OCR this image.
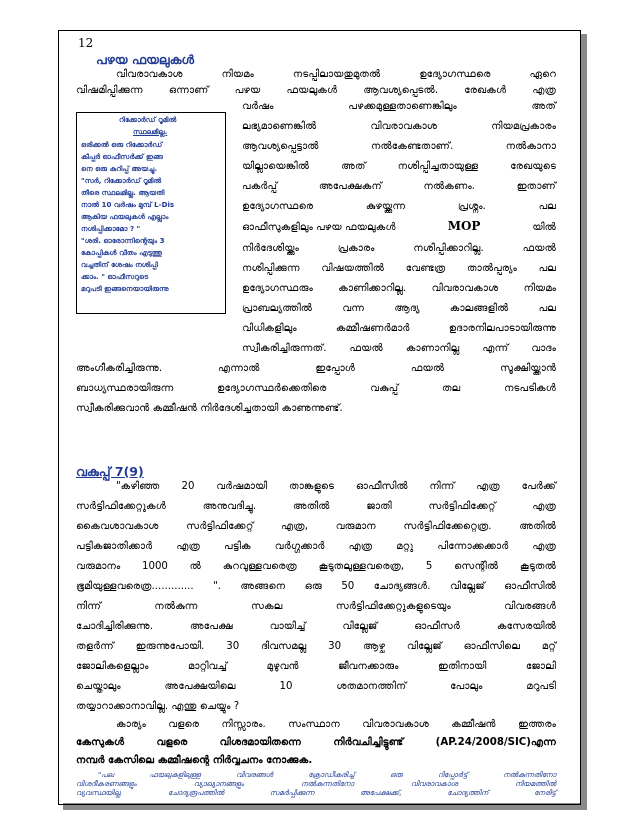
12
പഴയ ഫയലുകൾ
വിവരാവകാശ നിയമം നടപ്പിലായതുമുതൽ ഉദ്യോഗസ്ഥരെ ഏറെ
വിഷമിപ്പിക്കുന്ന ഒന്നാണ് പഴയ ഫയലുകൾ ആവശ്യപ്പെടൽ. രേഖകൾ എത്ര
റിക്കോർഡ് റൂമിൽ
സ്ഥലമില്ല.
ഒരിക്കൽ ഒരു റിക്കോർഡ്
കീപ്പർ ഓഫീസർക്ക് ഇങ്ങ
നെ ഒരു കുറിപ്പ് അയച്ചു.
"സർ, റിക്കോർഡ് റൂമിൽ
തീരെ സ്ഥലമില്ല. ആയതി
നാൽ 10 വർഷം മുമ്പ് L-Dis
ആകിയ ഫയലുകൾ എല്ലാം
നശിപ്പിക്കാമോ ? "
"ശരി. ഓരോന്നിന്റെയും 3
കോപ്പികൾ വീതം എടുത്തു
വച്ചതിന് ശേഷം നശിപ്പി
ക്കാം. " ഓഫീസറുടെ
മറുപടി ഇങ്ങനെയായിരുന്നു
വർഷം പഴക്കമുള്ളതാണെങ്കിലും അത്
ലഭ്യമാണെങ്കിൽ വിവരാവകാശ നിയമപ്രകാരം
ആവശ്യപ്പെട്ടാൽ നൽകേണ്ടതാണ്. നൽകാനാ
യില്ലായെങ്കിൽ അത് നശിപ്പിച്ചതായുള്ള രേഖയുടെ
പകർപ്പ് അപേക്ഷകന് നൽകണം. ഇതാണ്
ഉദ്യോഗസ്ഥരെ കുഴയ്ക്കുന്ന പ്രശ്നം. പല
ഓഫീസുകളിലും പഴയ ഫയലുകൾ	MOP	യിൽ
നിർദേശിയ്ക്കും പ്രകാരം നശിപ്പിക്കാറില്ല. ഫയൽ
നശിപ്പിക്കുന്ന വിഷയത്തിൽ വേണ്ടത്ര താൽപ്പര്യം പല
ഉദ്യോഗസ്ഥരും കാണിക്കാറില്ല. വിവരാവകാശ നിയമം
പ്രാബല്യത്തിൽ വന്ന ആദ്യ കാലങ്ങളിൽ പല
വിധികളിലും കമ്മീഷണർമാർ ഉദാരനിലപാടായിരുന്നു
സ്വീകരിച്ചിരുന്നത്. ഫയൽ കാണാനില്ല എന്ന് വാദം
അംഗീകരിച്ചിരുന്നു. എന്നാൽ ഇപ്പോൾ ഫയൽ സൂക്ഷിയ്ക്കാൻ
ബാധ്യസ്ഥരായിരുന്ന ഉദ്യോഗസ്ഥർക്കെതിരെ വകുപ്പ് തല നടപടികൾ
സ്വീകരിക്കുവാൻ കമ്മീഷൻ നിർദേശിച്ചതായി കാണുന്നുണ്ട്.
വകുപ്പ് 7(9)
"കഴിഞ്ഞ 20 വർഷമായി താങ്കളുടെ ഓഫീസിൽ നിന്ന് എത്ര പേർക്ക്
സർട്ടിഫിക്കേറ്റുകൾ അനുവദിച്ചു. അതിൽ ജാതി സർട്ടിഫിക്കേറ്റ് എത്ര
കൈവശാവകാശ സർട്ടിഫിക്കേറ്റ് എത്ര, വരുമാന സർട്ടിഫിക്കേറ്റെത്ര. അതിൽ
പട്ടികജാതിക്കാർ എത്ര പട്ടിക വർഗ്ഗക്കാർ എത്ര മറ്റു പിന്നോക്കക്കാർ എത്ര
വരുമാനം 1000 ൽ കുറവുള്ളവരെത്ര കൂടുതലുള്ളവരെത്ര, 5 സെന്റിൽ കൂടുതൽ
ഭൂമിയുള്ളവരെത്ര............. ". അങ്ങനെ ഒരു 50 ചോദ്യങ്ങൾ. വില്ലേജ് ഓഫീസിൽ
നിന്ന് നൽകുന്ന സകല സർട്ടിഫിക്കേറ്റുകളുടെയും വിവരങ്ങൾ
ചോദിച്ചിരിക്കുന്നു. അപേക്ഷ വായിച്ച് വില്ലേജ് ഓഫീസർ കസേരയിൽ
തളർന്ന് ഇരുന്നുപോയി. 30 ദിവസമല്ല 30 ആഴ്ച വില്ലേജ് ഓഫീസിലെ മറ്റ്
ജോലികളെല്ലാം മാറ്റിവച്ച് മുഴുവൻ ജീവനക്കാരും ഇതിനായി ജോലി
ചെയ്താലും അപേക്ഷയിലെ 10 ശതമാനത്തിന് പോലും മറുപടി
തയ്യാറാക്കാനാവില്ല. എന്തു ചെയ്യും ?
കാര്യം വളരെ നിസ്സാരം. സംസ്ഥാന വിവരാവകാശ കമ്മീഷൻ ഇത്തരം
കേസുകൾ വളരെ വിശദമായിതന്നെ നിർവചിച്ചിട്ടുണ്ട് (AP.24/2008/SIC)എന്ന
നമ്പർ കേസിലെ കമ്മീഷന്റെ നിർവ്വചനം നോക്കുക.
"പല ഫയലുകളിലുള്ള വിവരങ്ങൾ ക്രോഡീകരിച്ച് ഒരു റിപ്പോർട്ട് നൽകുന്നതിനോ
വിശദീകരണങ്ങളും വ്യാഖ്യാനങ്ങളും നൽകുന്നതിനോ വിവരാവകാശ നിയമത്തിൽ
വ്യവസ്ഥയില്ല. ചോദ്യരൂപത്തിൽ സമർപ്പിക്കുന്ന അപേക്ഷക്ക്, ചോദ്യത്തിന് നേരിട്ട്
